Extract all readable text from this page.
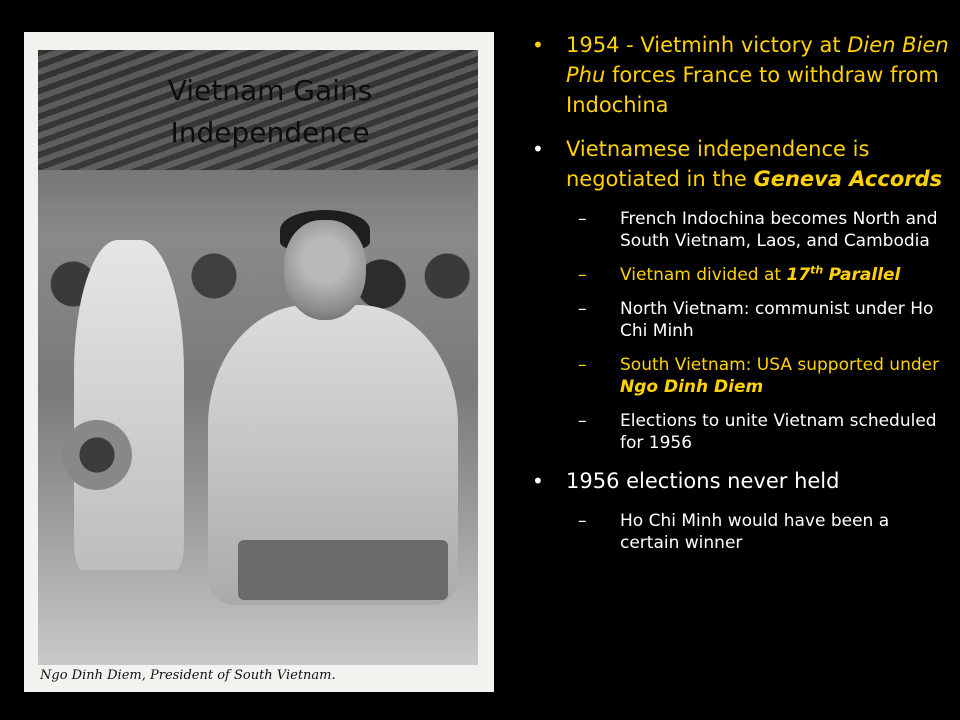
Ngo Dinh Diem, President of South Vietnam.
Vietnam Gains Independence
• 1954 - Vietminh victory at Dien Bien Phu forces France to withdraw from Indochina
• Vietnamese independence is negotiated in the Geneva Accords
– French Indochina becomes North and South Vietnam, Laos, and Cambodia
– Vietnam divided at 17th Parallel
– North Vietnam: communist under Ho Chi Minh
– South Vietnam: USA supported under Ngo Dinh Diem
– Elections to unite Vietnam scheduled for 1956
• 1956 elections never held
– Ho Chi Minh would have been a certain winner
